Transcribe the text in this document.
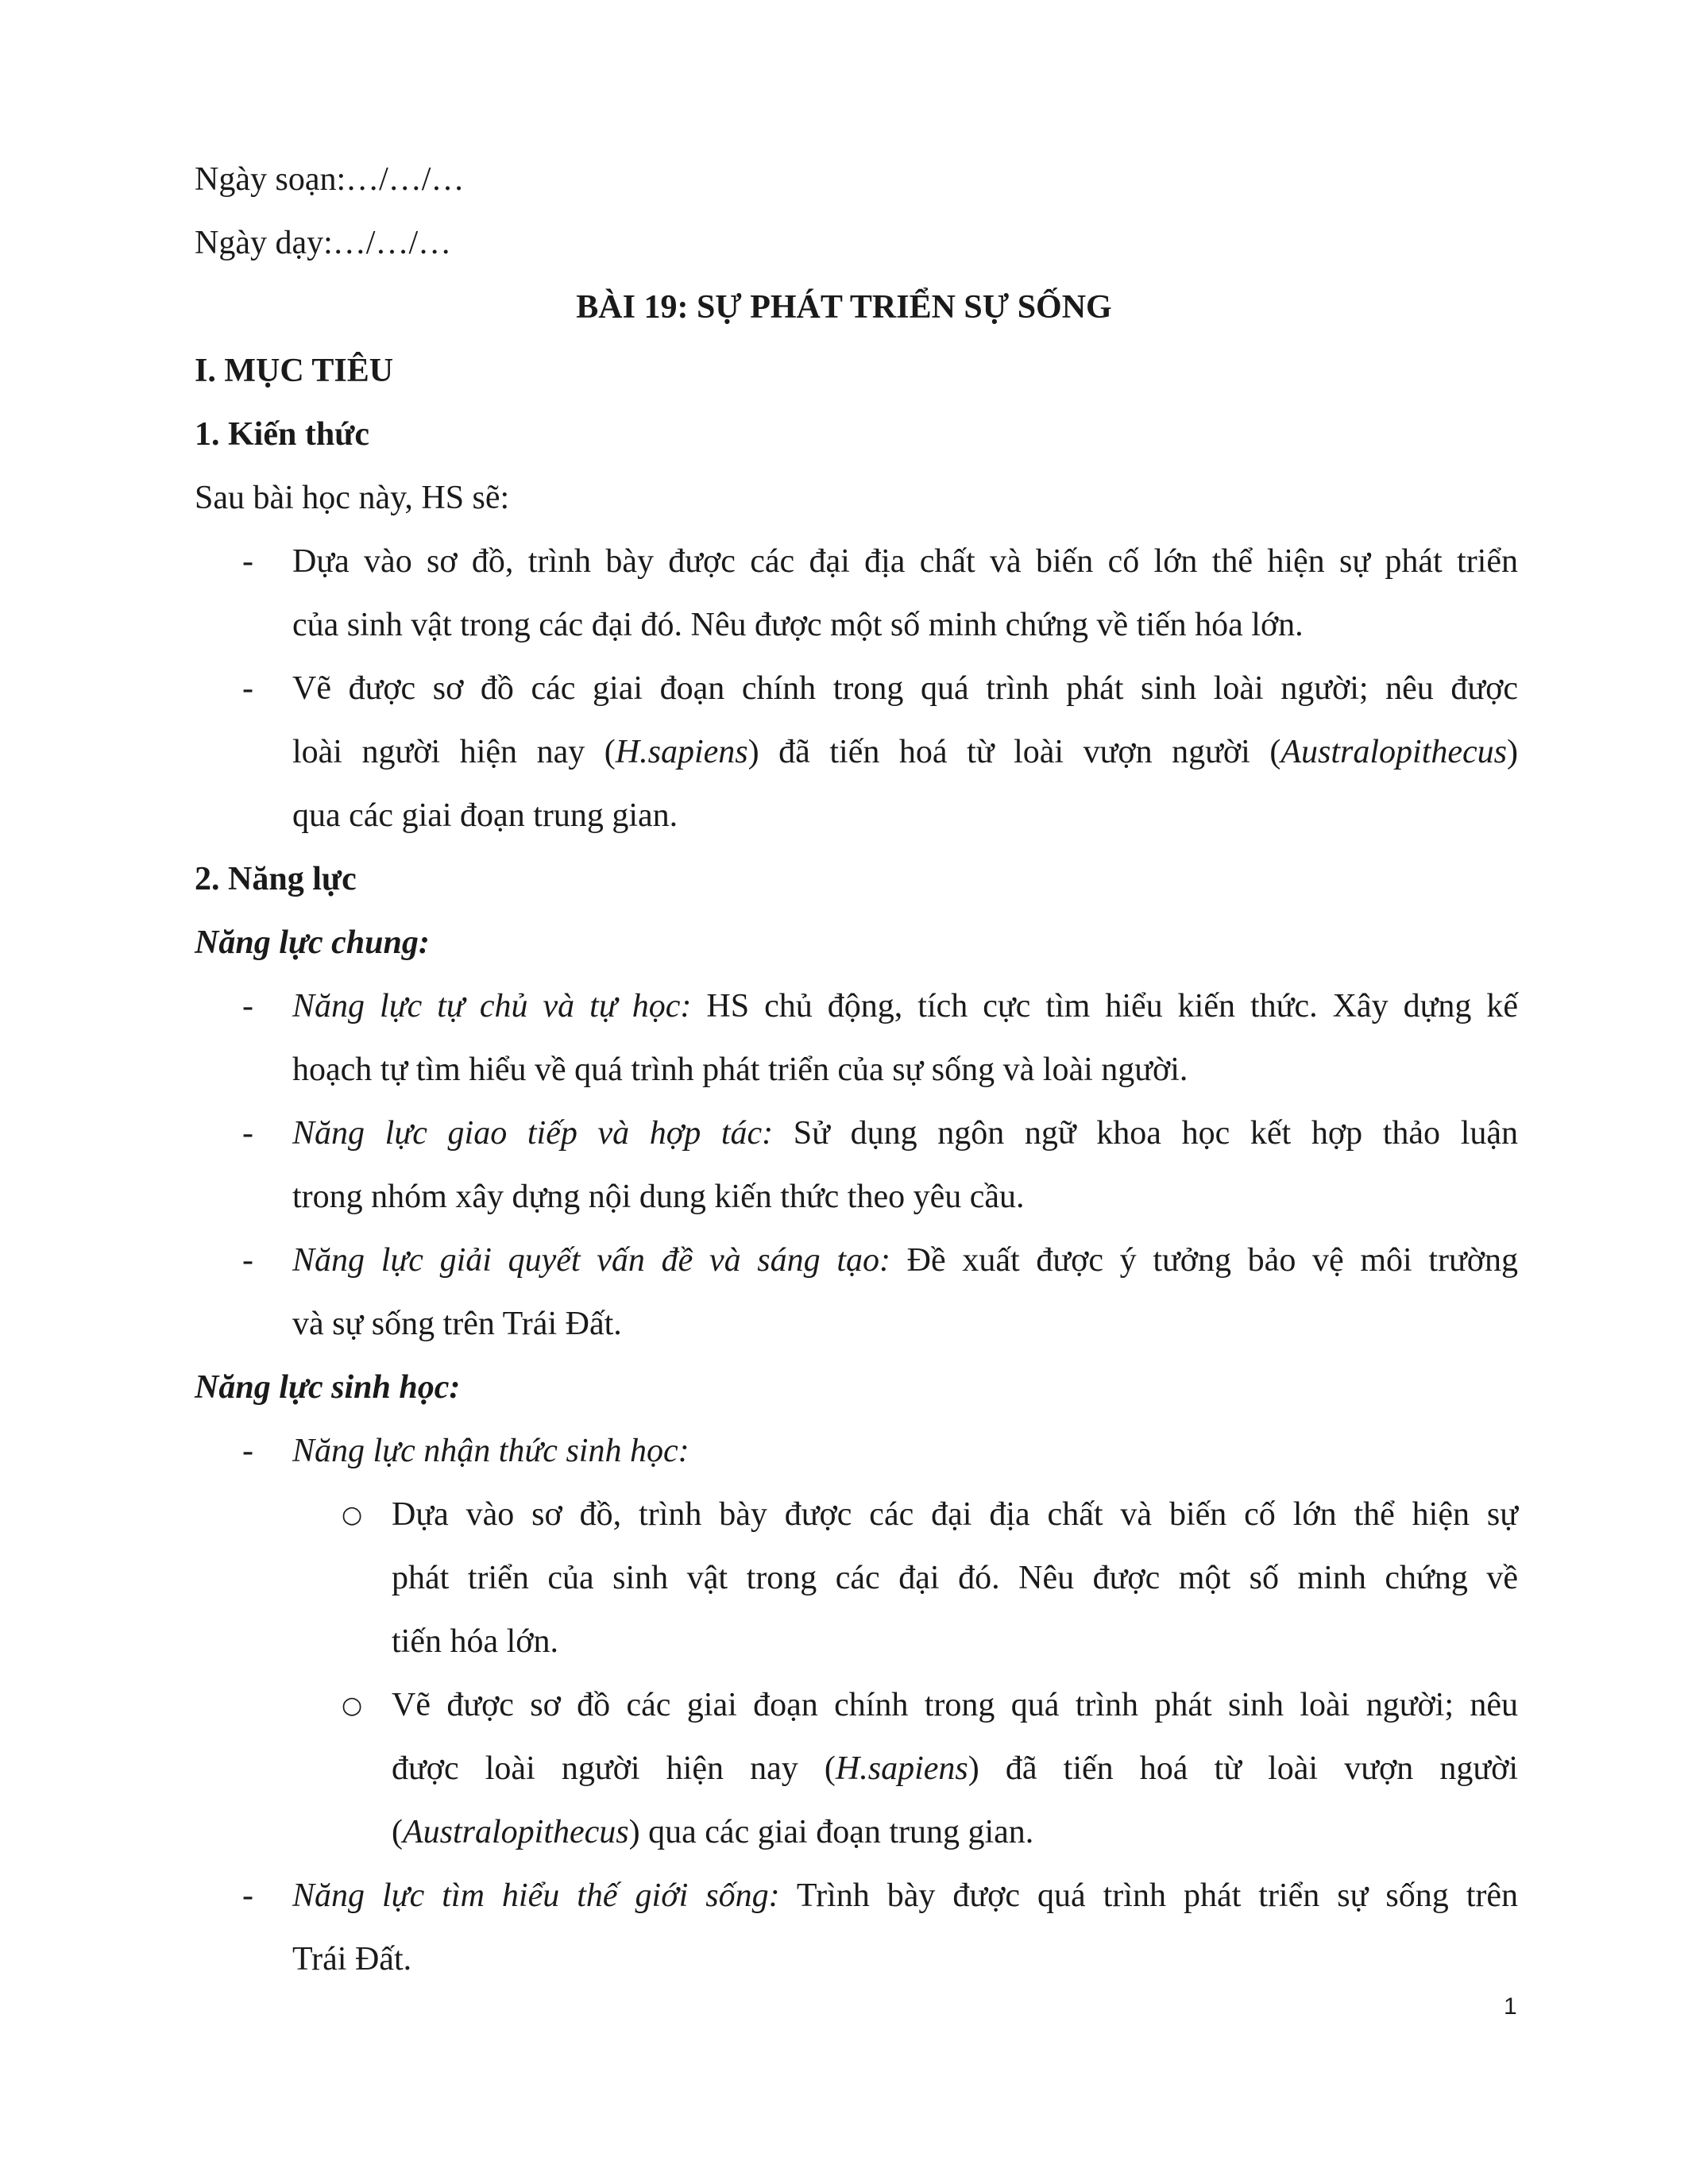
Ngày soạn:…/…/…
Ngày dạy:…/…/…
BÀI 19: SỰ PHÁT TRIỂN SỰ SỐNG
I. MỤC TIÊU
1. Kiến thức
Sau bài học này, HS sẽ:
- Dựa vào sơ đồ, trình bày được các đại địa chất và biến cố lớn thể hiện sự phát triển
của sinh vật trong các đại đó. Nêu được một số minh chứng về tiến hóa lớn.
- Vẽ được sơ đồ các giai đoạn chính trong quá trình phát sinh loài người; nêu được
loài người hiện nay (H.sapiens) đã tiến hoá từ loài vượn người (Australopithecus)
qua các giai đoạn trung gian.
2. Năng lực
Năng lực chung:
- Năng lực tự chủ và tự học: HS chủ động, tích cực tìm hiểu kiến thức. Xây dựng kế
hoạch tự tìm hiểu về quá trình phát triển của sự sống và loài người.
- Năng lực giao tiếp và hợp tác: Sử dụng ngôn ngữ khoa học kết hợp thảo luận
trong nhóm xây dựng nội dung kiến thức theo yêu cầu.
- Năng lực giải quyết vấn đề và sáng tạo: Đề xuất được ý tưởng bảo vệ môi trường
và sự sống trên Trái Đất.
Năng lực sinh học:
- Năng lực nhận thức sinh học:
○ Dựa vào sơ đồ, trình bày được các đại địa chất và biến cố lớn thể hiện sự
phát triển của sinh vật trong các đại đó. Nêu được một số minh chứng về
tiến hóa lớn.
○ Vẽ được sơ đồ các giai đoạn chính trong quá trình phát sinh loài người; nêu
được loài người hiện nay (H.sapiens) đã tiến hoá từ loài vượn người
(Australopithecus) qua các giai đoạn trung gian.
- Năng lực tìm hiểu thế giới sống: Trình bày được quá trình phát triển sự sống trên
Trái Đất.
1
